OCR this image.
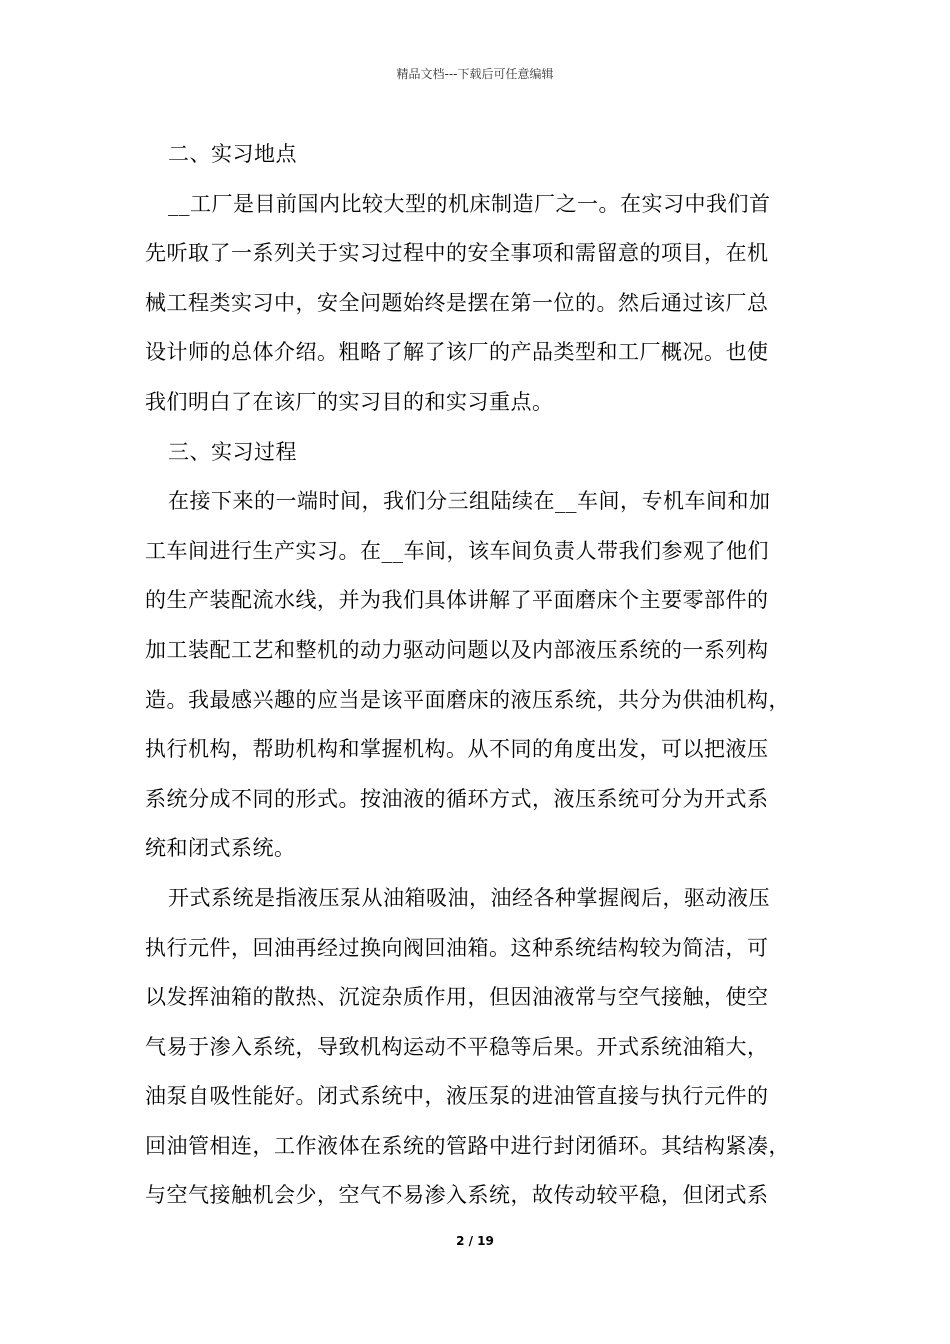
精品文档---下载后可任意编辑
二、实习地点
__工厂是目前国内比较大型的机床制造厂之一。在实习中我们首
先听取了一系列关于实习过程中的安全事项和需留意的项目，在机
械工程类实习中，安全问题始终是摆在第一位的。然后通过该厂总
设计师的总体介绍。粗略了解了该厂的产品类型和工厂概况。也使
我们明白了在该厂的实习目的和实习重点。
三、实习过程
在接下来的一端时间，我们分三组陆续在__车间，专机车间和加
工车间进行生产实习。在__车间，该车间负责人带我们参观了他们
的生产装配流水线，并为我们具体讲解了平面磨床个主要零部件的
加工装配工艺和整机的动力驱动问题以及内部液压系统的一系列构
造。我最感兴趣的应当是该平面磨床的液压系统，共分为供油机构，
执行机构，帮助机构和掌握机构。从不同的角度出发，可以把液压
系统分成不同的形式。按油液的循环方式，液压系统可分为开式系
统和闭式系统。
开式系统是指液压泵从油箱吸油，油经各种掌握阀后，驱动液压
执行元件，回油再经过换向阀回油箱。这种系统结构较为简洁，可
以发挥油箱的散热、沉淀杂质作用，但因油液常与空气接触，使空
气易于渗入系统，导致机构运动不平稳等后果。开式系统油箱大，
油泵自吸性能好。闭式系统中，液压泵的进油管直接与执行元件的
回油管相连，工作液体在系统的管路中进行封闭循环。其结构紧凑，
与空气接触机会少，空气不易渗入系统，故传动较平稳，但闭式系
2 / 19
